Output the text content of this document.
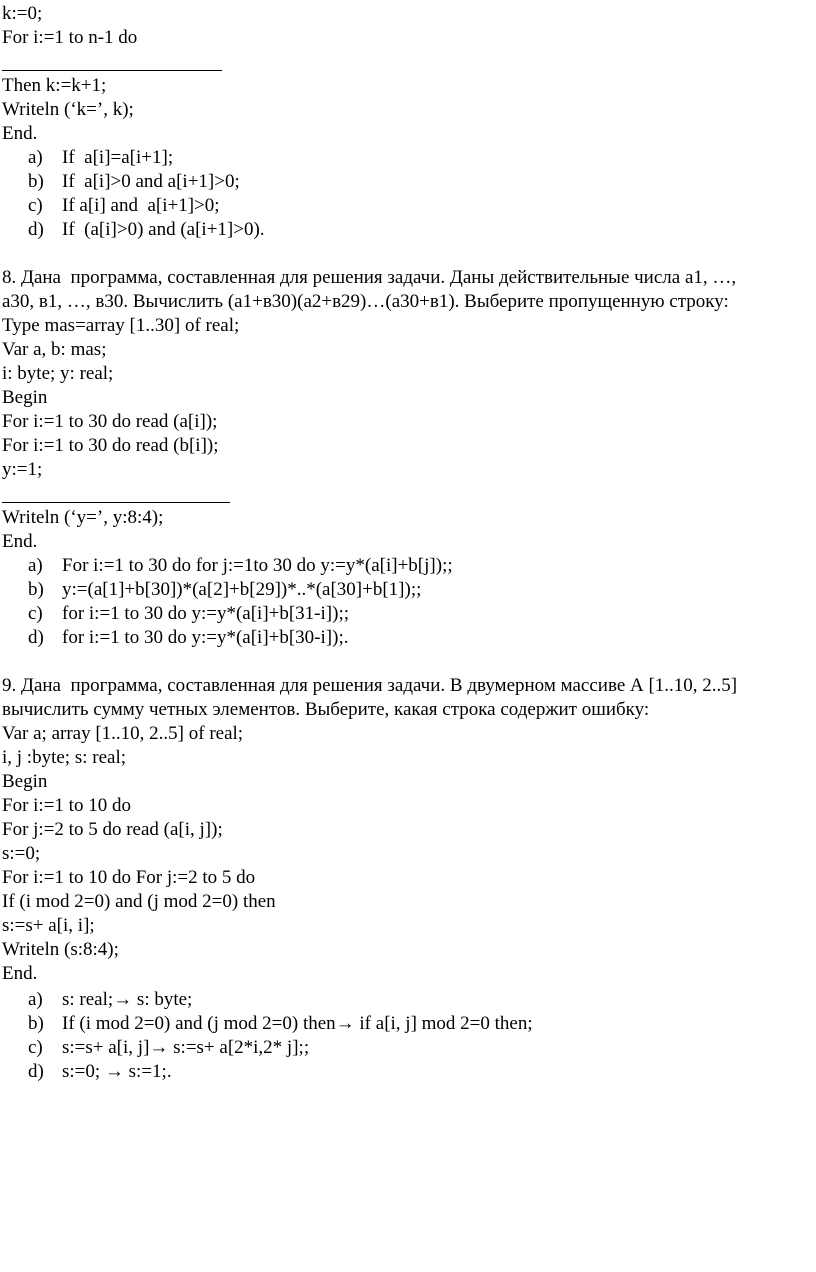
k:=0;
For i:=1 to n-1 do
Then k:=k+1;
Writeln (‘k=’, k);
End.
a) If  a[i]=a[i+1];
b) If  a[i]>0 and a[i+1]>0;
c) If a[i] and  a[i+1]>0;
d) If  (a[i]>0) and (a[i+1]>0).
8. Дана  программа, составленная для решения задачи. Даны действительные числа а1, …,
а30, в1, …, в30. Вычислить (а1+в30)(а2+в29)…(а30+в1). Выберите пропущенную строку:
Type mas=array [1..30] of real;
Var a, b: mas;
i: byte; y: real;
Begin
For i:=1 to 30 do read (a[i]);
For i:=1 to 30 do read (b[i]);
y:=1;
Writeln (‘y=’, y:8:4);
End.
a) For i:=1 to 30 do for j:=1to 30 do y:=y*(a[i]+b[j]);;
b) y:=(a[1]+b[30])*(a[2]+b[29])*..*(a[30]+b[1]);;
c) for i:=1 to 30 do y:=y*(a[i]+b[31-i]);;
d) for i:=1 to 30 do y:=y*(a[i]+b[30-i]);.
9. Дана  программа, составленная для решения задачи. В двумерном массиве А [1..10, 2..5]
вычислить сумму четных элементов. Выберите, какая строка содержит ошибку:
Var a; array [1..10, 2..5] of real;
i, j :byte; s: real;
Begin
For i:=1 to 10 do
For j:=2 to 5 do read (a[i, j]);
s:=0;
For i:=1 to 10 do For j:=2 to 5 do
If (i mod 2=0) and (j mod 2=0) then
s:=s+ a[i, i];
Writeln (s:8:4);
End.
a) s: real;→ s: byte;
b) If (i mod 2=0) and (j mod 2=0) then→ if a[i, j] mod 2=0 then;
c) s:=s+ a[i, j]→ s:=s+ a[2*i,2* j];;
d) s:=0; → s:=1;.
